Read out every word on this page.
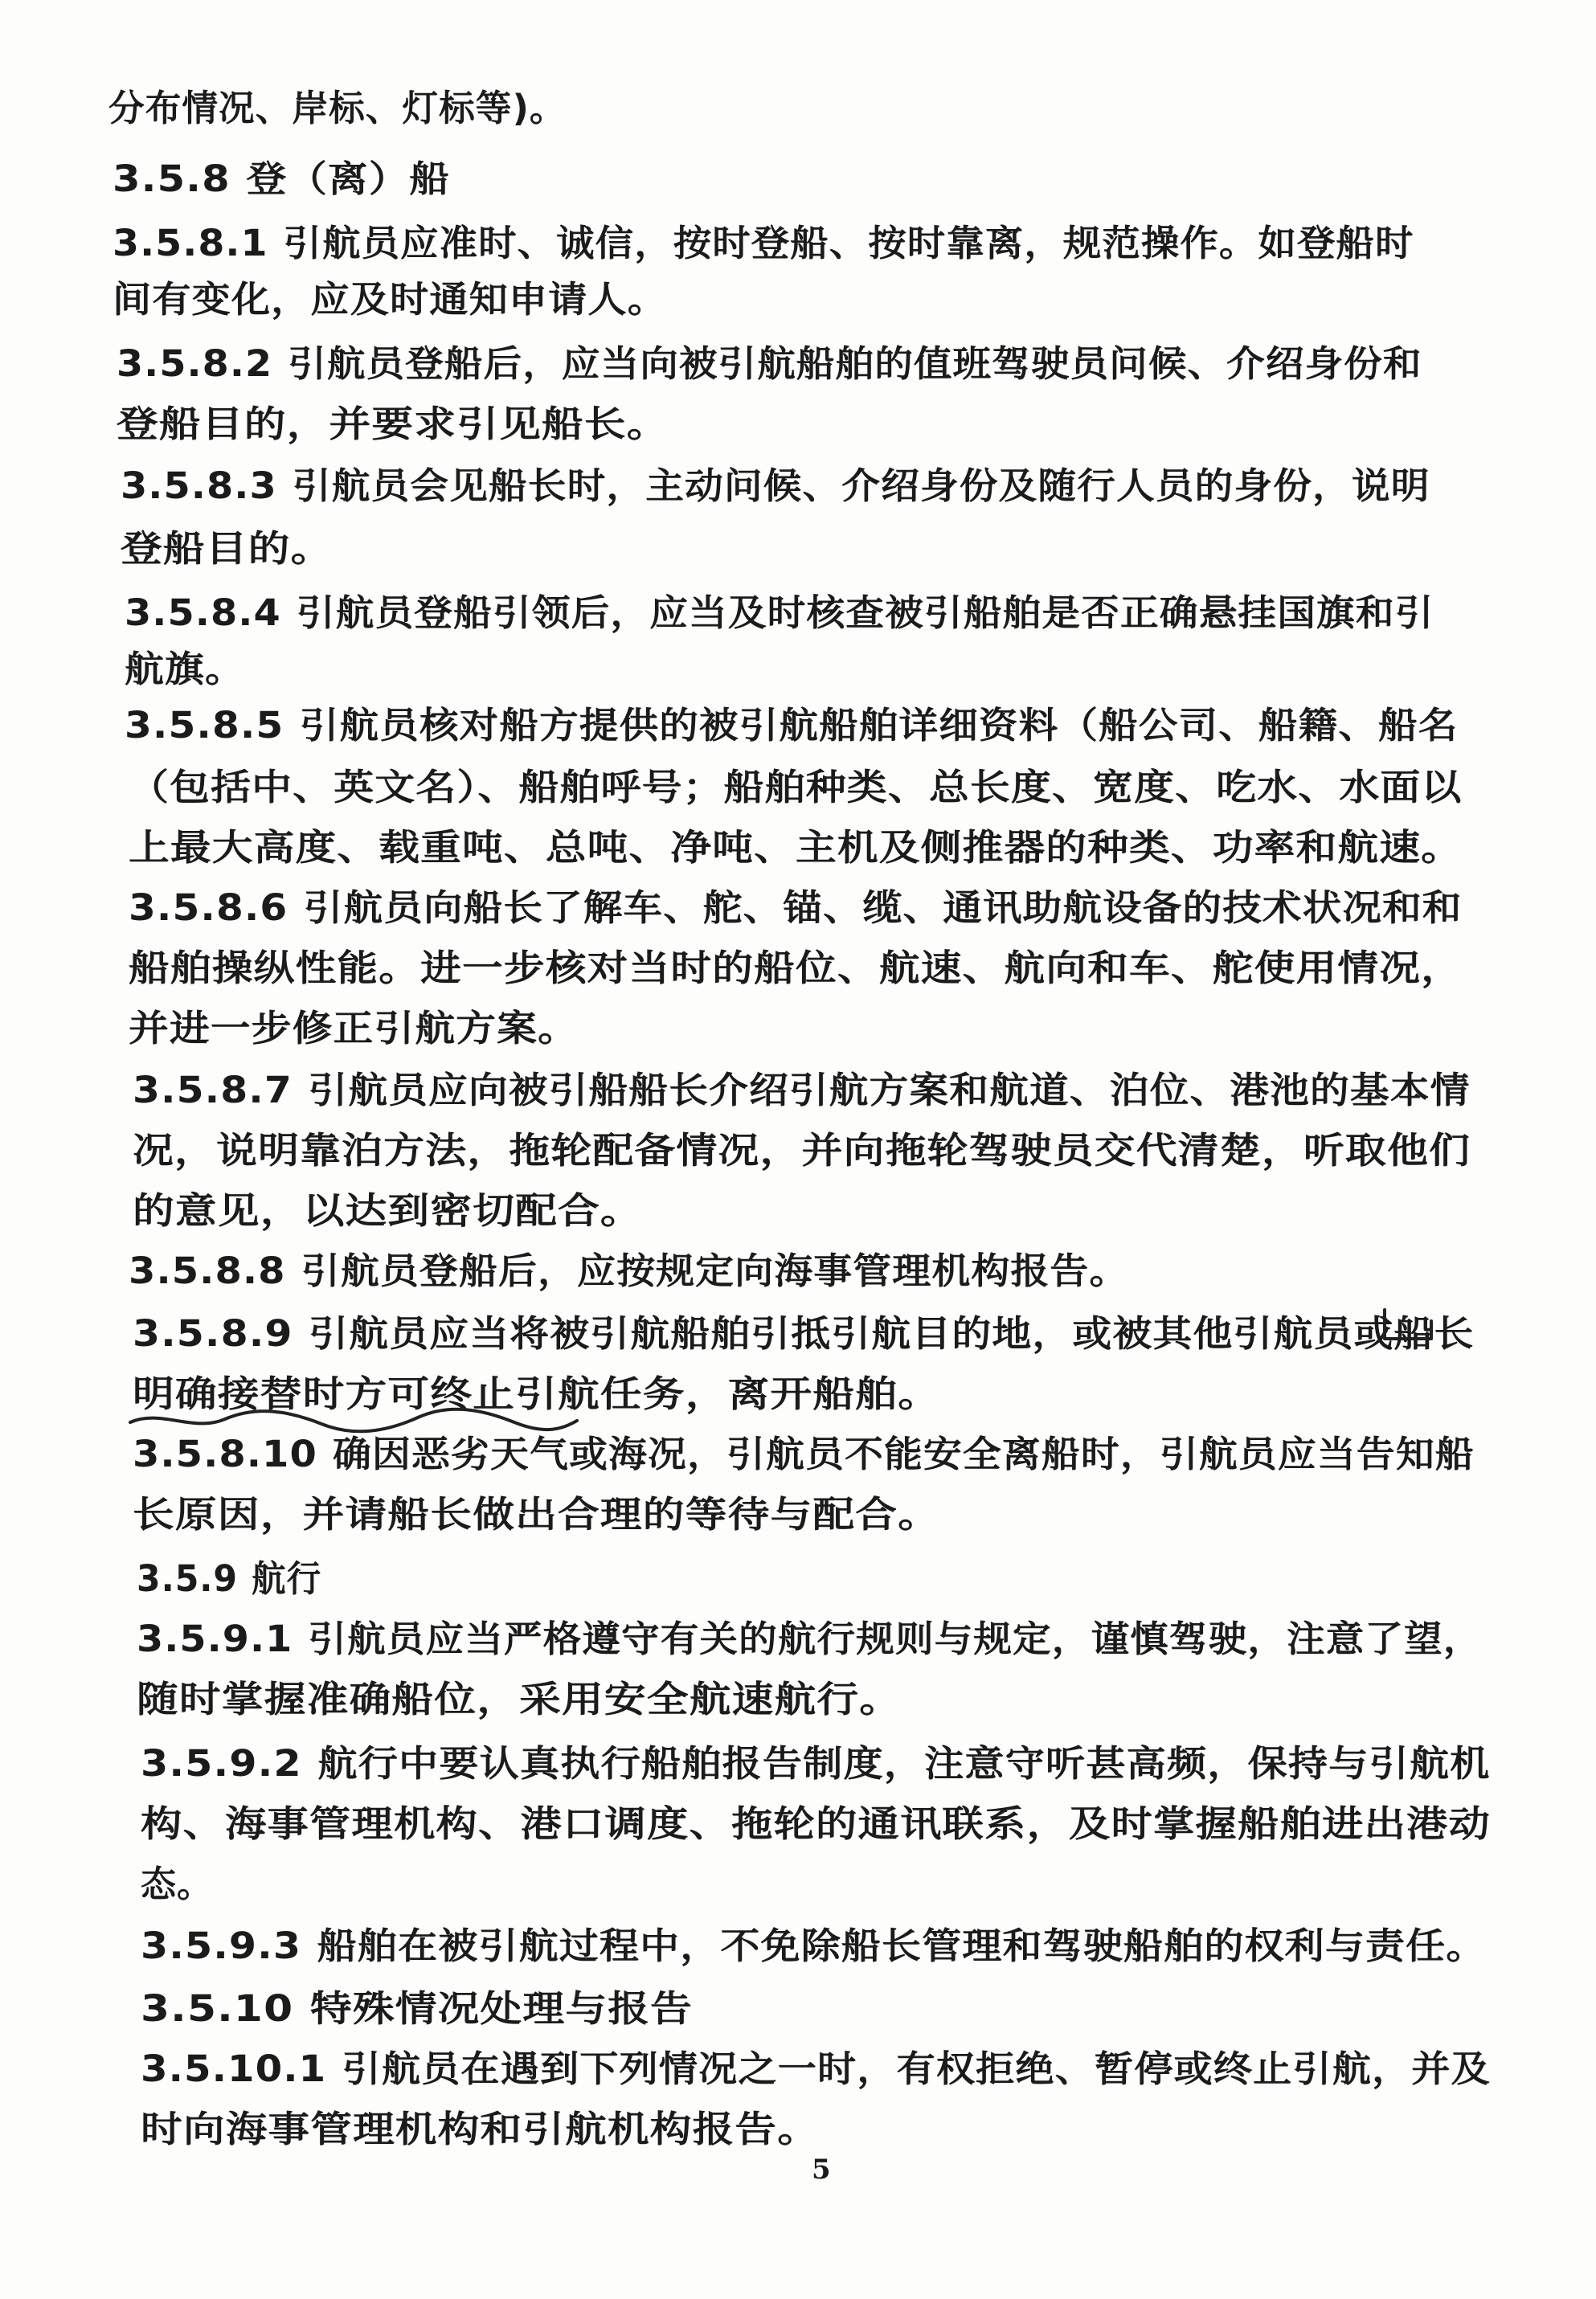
分布情况、岸标、灯标等)。
3.5.8 登（离）船
3.5.8.1 引航员应准时、诚信，按时登船、按时靠离，规范操作。如登船时
间有变化，应及时通知申请人。
3.5.8.2 引航员登船后，应当向被引航船舶的值班驾驶员问候、介绍身份和
登船目的，并要求引见船长。
3.5.8.3 引航员会见船长时，主动问候、介绍身份及随行人员的身份，说明
登船目的。
3.5.8.4 引航员登船引领后，应当及时核查被引船舶是否正确悬挂国旗和引
航旗。
3.5.8.5 引航员核对船方提供的被引航船舶详细资料（船公司、船籍、船名
（包括中、英文名）、船舶呼号；船舶种类、总长度、宽度、吃水、水面以
上最大高度、载重吨、总吨、净吨、主机及侧推器的种类、功率和航速。
3.5.8.6 引航员向船长了解车、舵、锚、缆、通讯助航设备的技术状况和和
船舶操纵性能。进一步核对当时的船位、航速、航向和车、舵使用情况，
并进一步修正引航方案。
3.5.8.7 引航员应向被引船船长介绍引航方案和航道、泊位、港池的基本情
况，说明靠泊方法，拖轮配备情况，并向拖轮驾驶员交代清楚，听取他们
的意见，以达到密切配合。
3.5.8.8 引航员登船后，应按规定向海事管理机构报告。
3.5.8.9 引航员应当将被引航船舶引抵引航目的地，或被其他引航员或船长
明确接替时方可终止引航任务，离开船舶。
3.5.8.10 确因恶劣天气或海况，引航员不能安全离船时，引航员应当告知船
长原因，并请船长做出合理的等待与配合。
3.5.9 航行
3.5.9.1 引航员应当严格遵守有关的航行规则与规定，谨慎驾驶，注意了望，
随时掌握准确船位，采用安全航速航行。
3.5.9.2 航行中要认真执行船舶报告制度，注意守听甚高频，保持与引航机
构、海事管理机构、港口调度、拖轮的通讯联系，及时掌握船舶进出港动
态。
3.5.9.3 船舶在被引航过程中，不免除船长管理和驾驶船舶的权利与责任。
3.5.10 特殊情况处理与报告
3.5.10.1 引航员在遇到下列情况之一时，有权拒绝、暂停或终止引航，并及
时向海事管理机构和引航机构报告。
5
